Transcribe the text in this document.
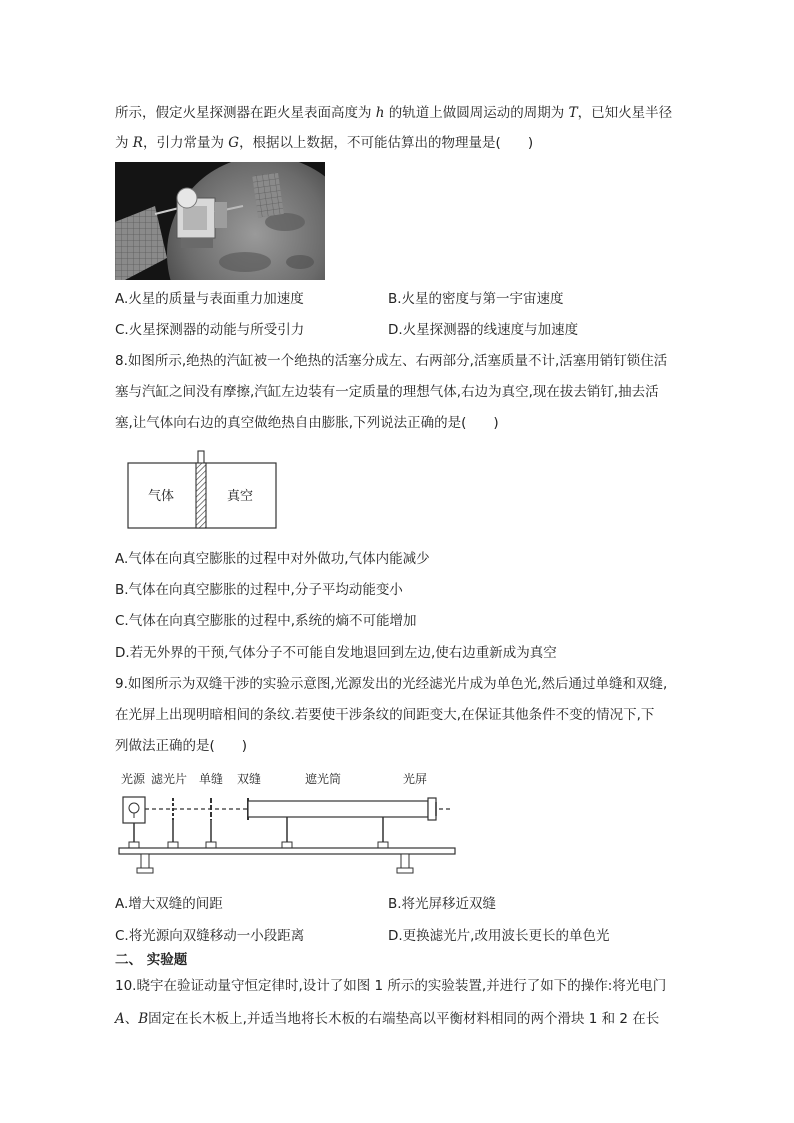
所示，假定火星探测器在距火星表面高度为 h 的轨道上做圆周运动的周期为 T，已知火星半径
为 R，引力常量为 G，根据以上数据，不可能估算出的物理量是(　　)
A.火星的质量与表面重力加速度	B.火星的密度与第一宇宙速度
C.火星探测器的动能与所受引力	D.火星探测器的线速度与加速度
8.如图所示,绝热的汽缸被一个绝热的活塞分成左、右两部分,活塞质量不计,活塞用销钉锁住活
塞与汽缸之间没有摩擦,汽缸左边装有一定质量的理想气体,右边为真空,现在拔去销钉,抽去活
塞,让气体向右边的真空做绝热自由膨胀,下列说法正确的是(　　)
气体	真空
A.气体在向真空膨胀的过程中对外做功,气体内能减少
B.气体在向真空膨胀的过程中,分子平均动能变小
C.气体在向真空膨胀的过程中,系统的熵不可能增加
D.若无外界的干预,气体分子不可能自发地退回到左边,使右边重新成为真空
9.如图所示为双缝干涉的实验示意图,光源发出的光经滤光片成为单色光,然后通过单缝和双缝,
在光屏上出现明暗相间的条纹.若要使干涉条纹的间距变大,在保证其他条件不变的情况下,下
列做法正确的是(　　)
光源 滤光片 单缝 双缝	遮光筒	光屏
A.增大双缝的间距	B.将光屏移近双缝
C.将光源向双缝移动一小段距离	D.更换滤光片,改用波长更长的单色光
二、 实验题
10.晓宇在验证动量守恒定律时,设计了如图 1 所示的实验装置,并进行了如下的操作:将光电门
A、B固定在长木板上,并适当地将长木板的右端垫高以平衡材料相同的两个滑块 1 和 2 在长
